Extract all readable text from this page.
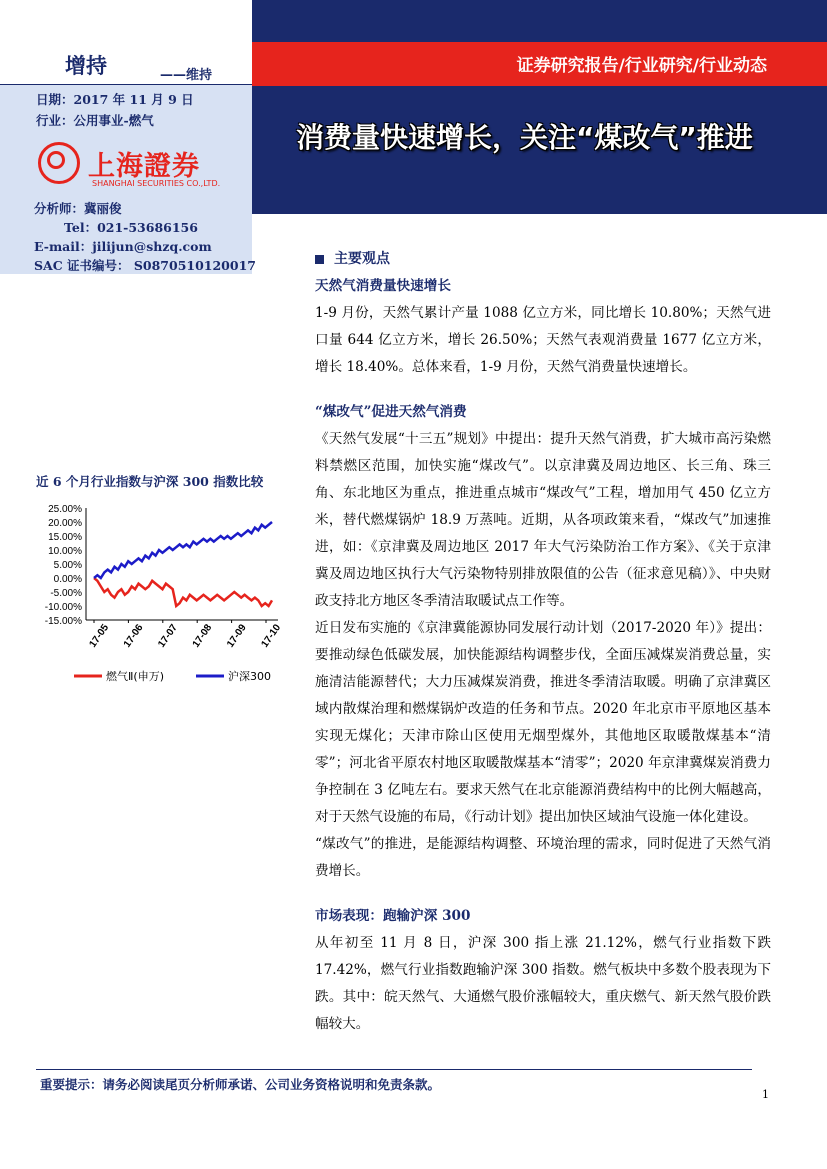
证券研究报告/行业研究/行业动态
消费量快速增长，关注“煤改气”推进
增持	——维持
日期：2017 年 11 月 9 日
行业：公用事业-燃气
上海證券
SHANGHAI SECURITIES CO.,LTD.
分析师：冀丽俊
Tel：021-53686156
E-mail：jilijun@shzq.com
SAC 证书编号： S0870510120017
近 6 个月行业指数与沪深 300 指数比较
25.00%
20.00%
15.00%
10.00%
5.00%
0.00%
-5.00%
-10.00%
-15.00%
17-05 17-06 17-07 17-08 17-09 17-10
燃气Ⅱ(申万)	沪深300
主要观点
天然气消费量快速增长

1-9 月份，天然气累计产量 1088 亿立方米，同比增长 10.80%；天然气进口量 644 亿立方米，增长 26.50%；天然气表观消费量 1677 亿立方米，增长 18.40%。总体来看，1-9 月份，天然气消费量快速增长。

“煤改气”促进天然气消费

《天然气发展“十三五”规划》中提出：提升天然气消费，扩大城市高污染燃料禁燃区范围，加快实施“煤改气”。以京津冀及周边地区、长三角、珠三角、东北地区为重点，推进重点城市“煤改气”工程，增加用气 450 亿立方米，替代燃煤锅炉 18.9 万蒸吨。近期，从各项政策来看，“煤改气”加速推进，如：《京津冀及周边地区 2017 年大气污染防治工作方案》、《关于京津冀及周边地区执行大气污染物特别排放限值的公告（征求意见稿）》、中央财政支持北方地区冬季清洁取暖试点工作等。

近日发布实施的《京津冀能源协同发展行动计划（2017-2020 年）》提出：要推动绿色低碳发展，加快能源结构调整步伐，全面压减煤炭消费总量，实施清洁能源替代；大力压减煤炭消费，推进冬季清洁取暖。明确了京津冀区域内散煤治理和燃煤锅炉改造的任务和节点。2020 年北京市平原地区基本实现无煤化；天津市除山区使用无烟型煤外，其他地区取暖散煤基本“清零”；河北省平原农村地区取暖散煤基本“清零”；2020 年京津冀煤炭消费力争控制在 3 亿吨左右。要求天然气在北京能源消费结构中的比例大幅越高，对于天然气设施的布局，《行动计划》提出加快区域油气设施一体化建设。

“煤改气”的推进，是能源结构调整、环境治理的需求，同时促进了天然气消费增长。

市场表现：跑输沪深 300

从年初至 11 月 8 日，沪深 300 指上涨 21.12%，燃气行业指数下跌 17.42%，燃气行业指数跑输沪深 300 指数。燃气板块中多数个股表现为下跌。其中：皖天然气、大通燃气股价涨幅较大，重庆燃气、新天然气股价跌幅较大。

重要提示：请务必阅读尾页分析师承诺、公司业务资格说明和免责条款。
1
